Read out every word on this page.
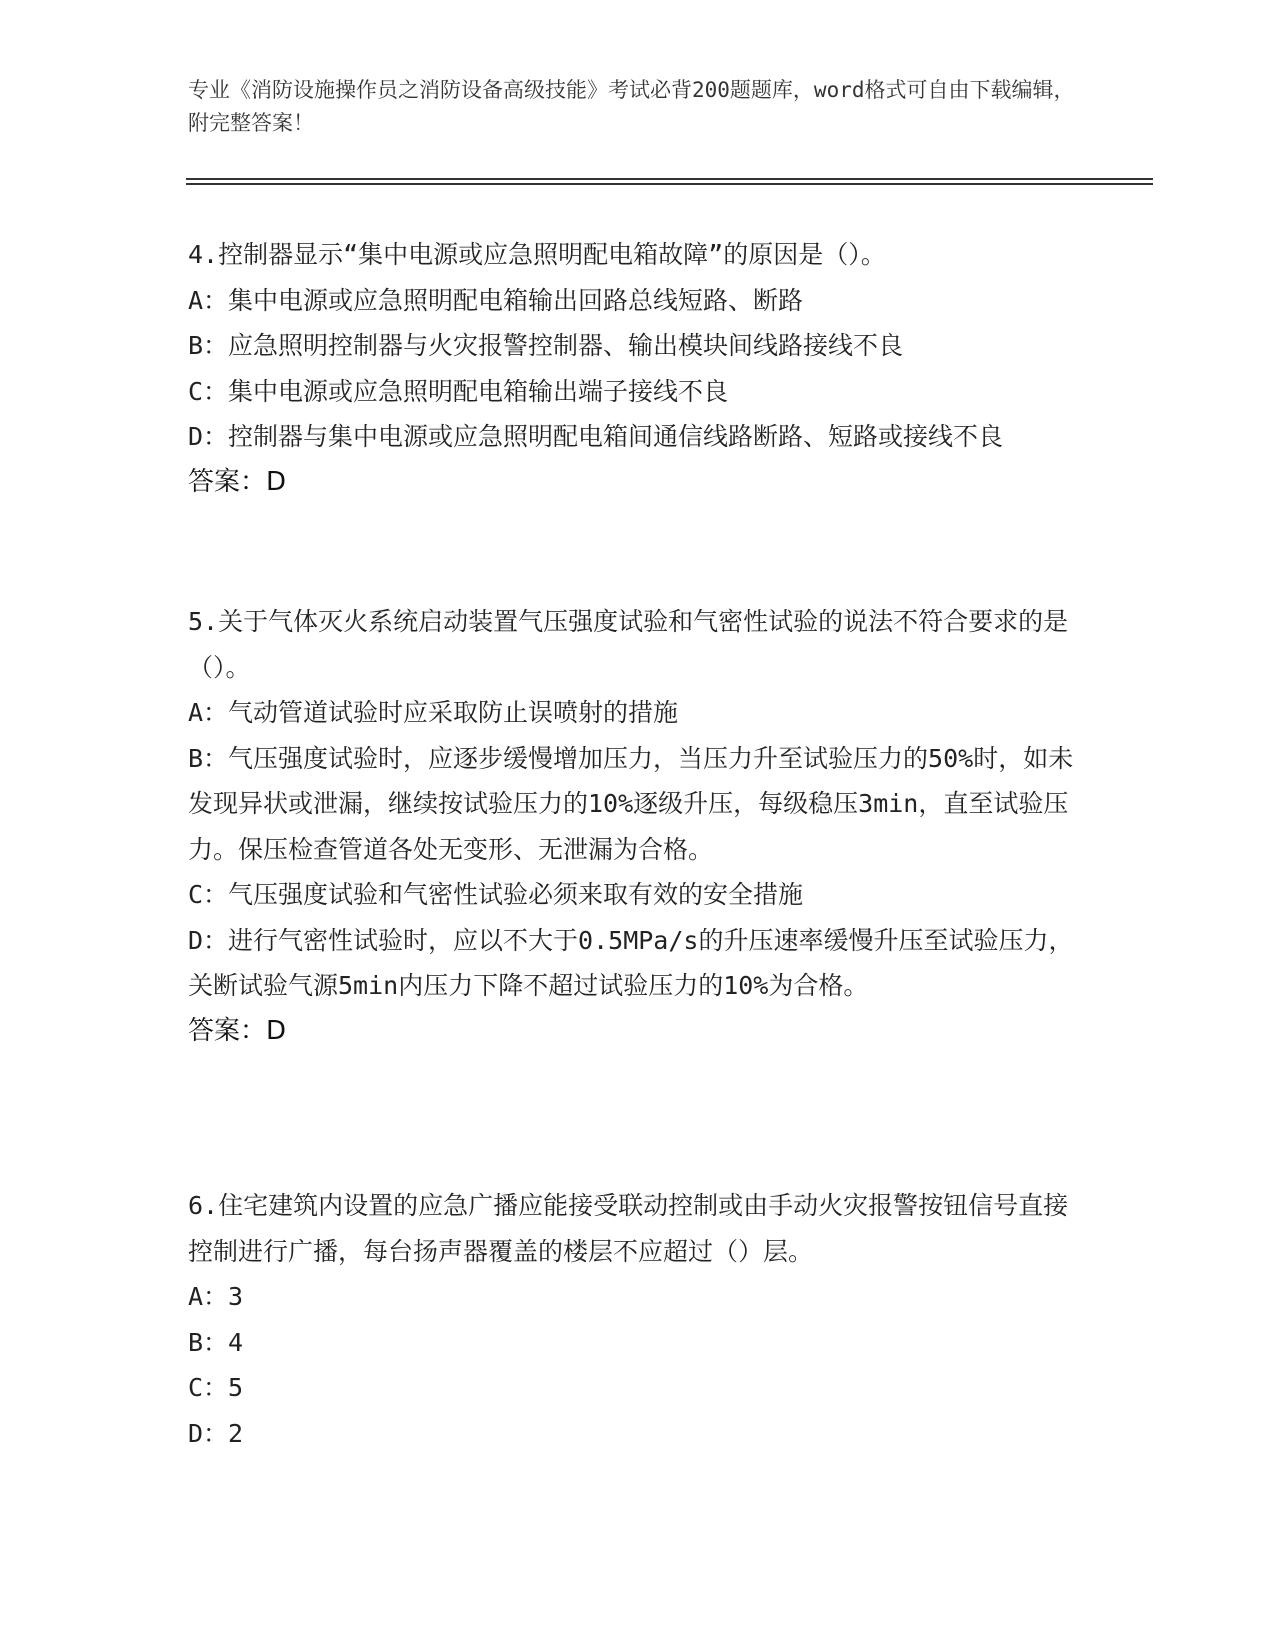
专业《消防设施操作员之消防设备高级技能》考试必背200题题库，word格式可自由下载编辑，附完整答案！

4.控制器显示“集中电源或应急照明配电箱故障”的原因是（）。

A：集中电源或应急照明配电箱输出回路总线短路、断路

B：应急照明控制器与火灾报警控制器、输出模块间线路接线不良

C：集中电源或应急照明配电箱输出端子接线不良

D：控制器与集中电源或应急照明配电箱间通信线路断路、短路或接线不良

答案：D

5.关于气体灭火系统启动装置气压强度试验和气密性试验的说法不符合要求的是（）。

A：气动管道试验时应采取防止误喷射的措施

B：气压强度试验时，应逐步缓慢增加压力，当压力升至试验压力的50%时，如未发现异状或泄漏，继续按试验压力的10%逐级升压，每级稳压3min，直至试验压力。保压检查管道各处无变形、无泄漏为合格。

C：气压强度试验和气密性试验必须来取有效的安全措施

D：进行气密性试验时，应以不大于0.5MPa/s的升压速率缓慢升压至试验压力，关断试验气源5min内压力下降不超过试验压力的10%为合格。

答案：D

6.住宅建筑内设置的应急广播应能接受联动控制或由手动火灾报警按钮信号直接控制进行广播，每台扬声器覆盖的楼层不应超过（）层。

A：3

B：4

C：5

D：2
